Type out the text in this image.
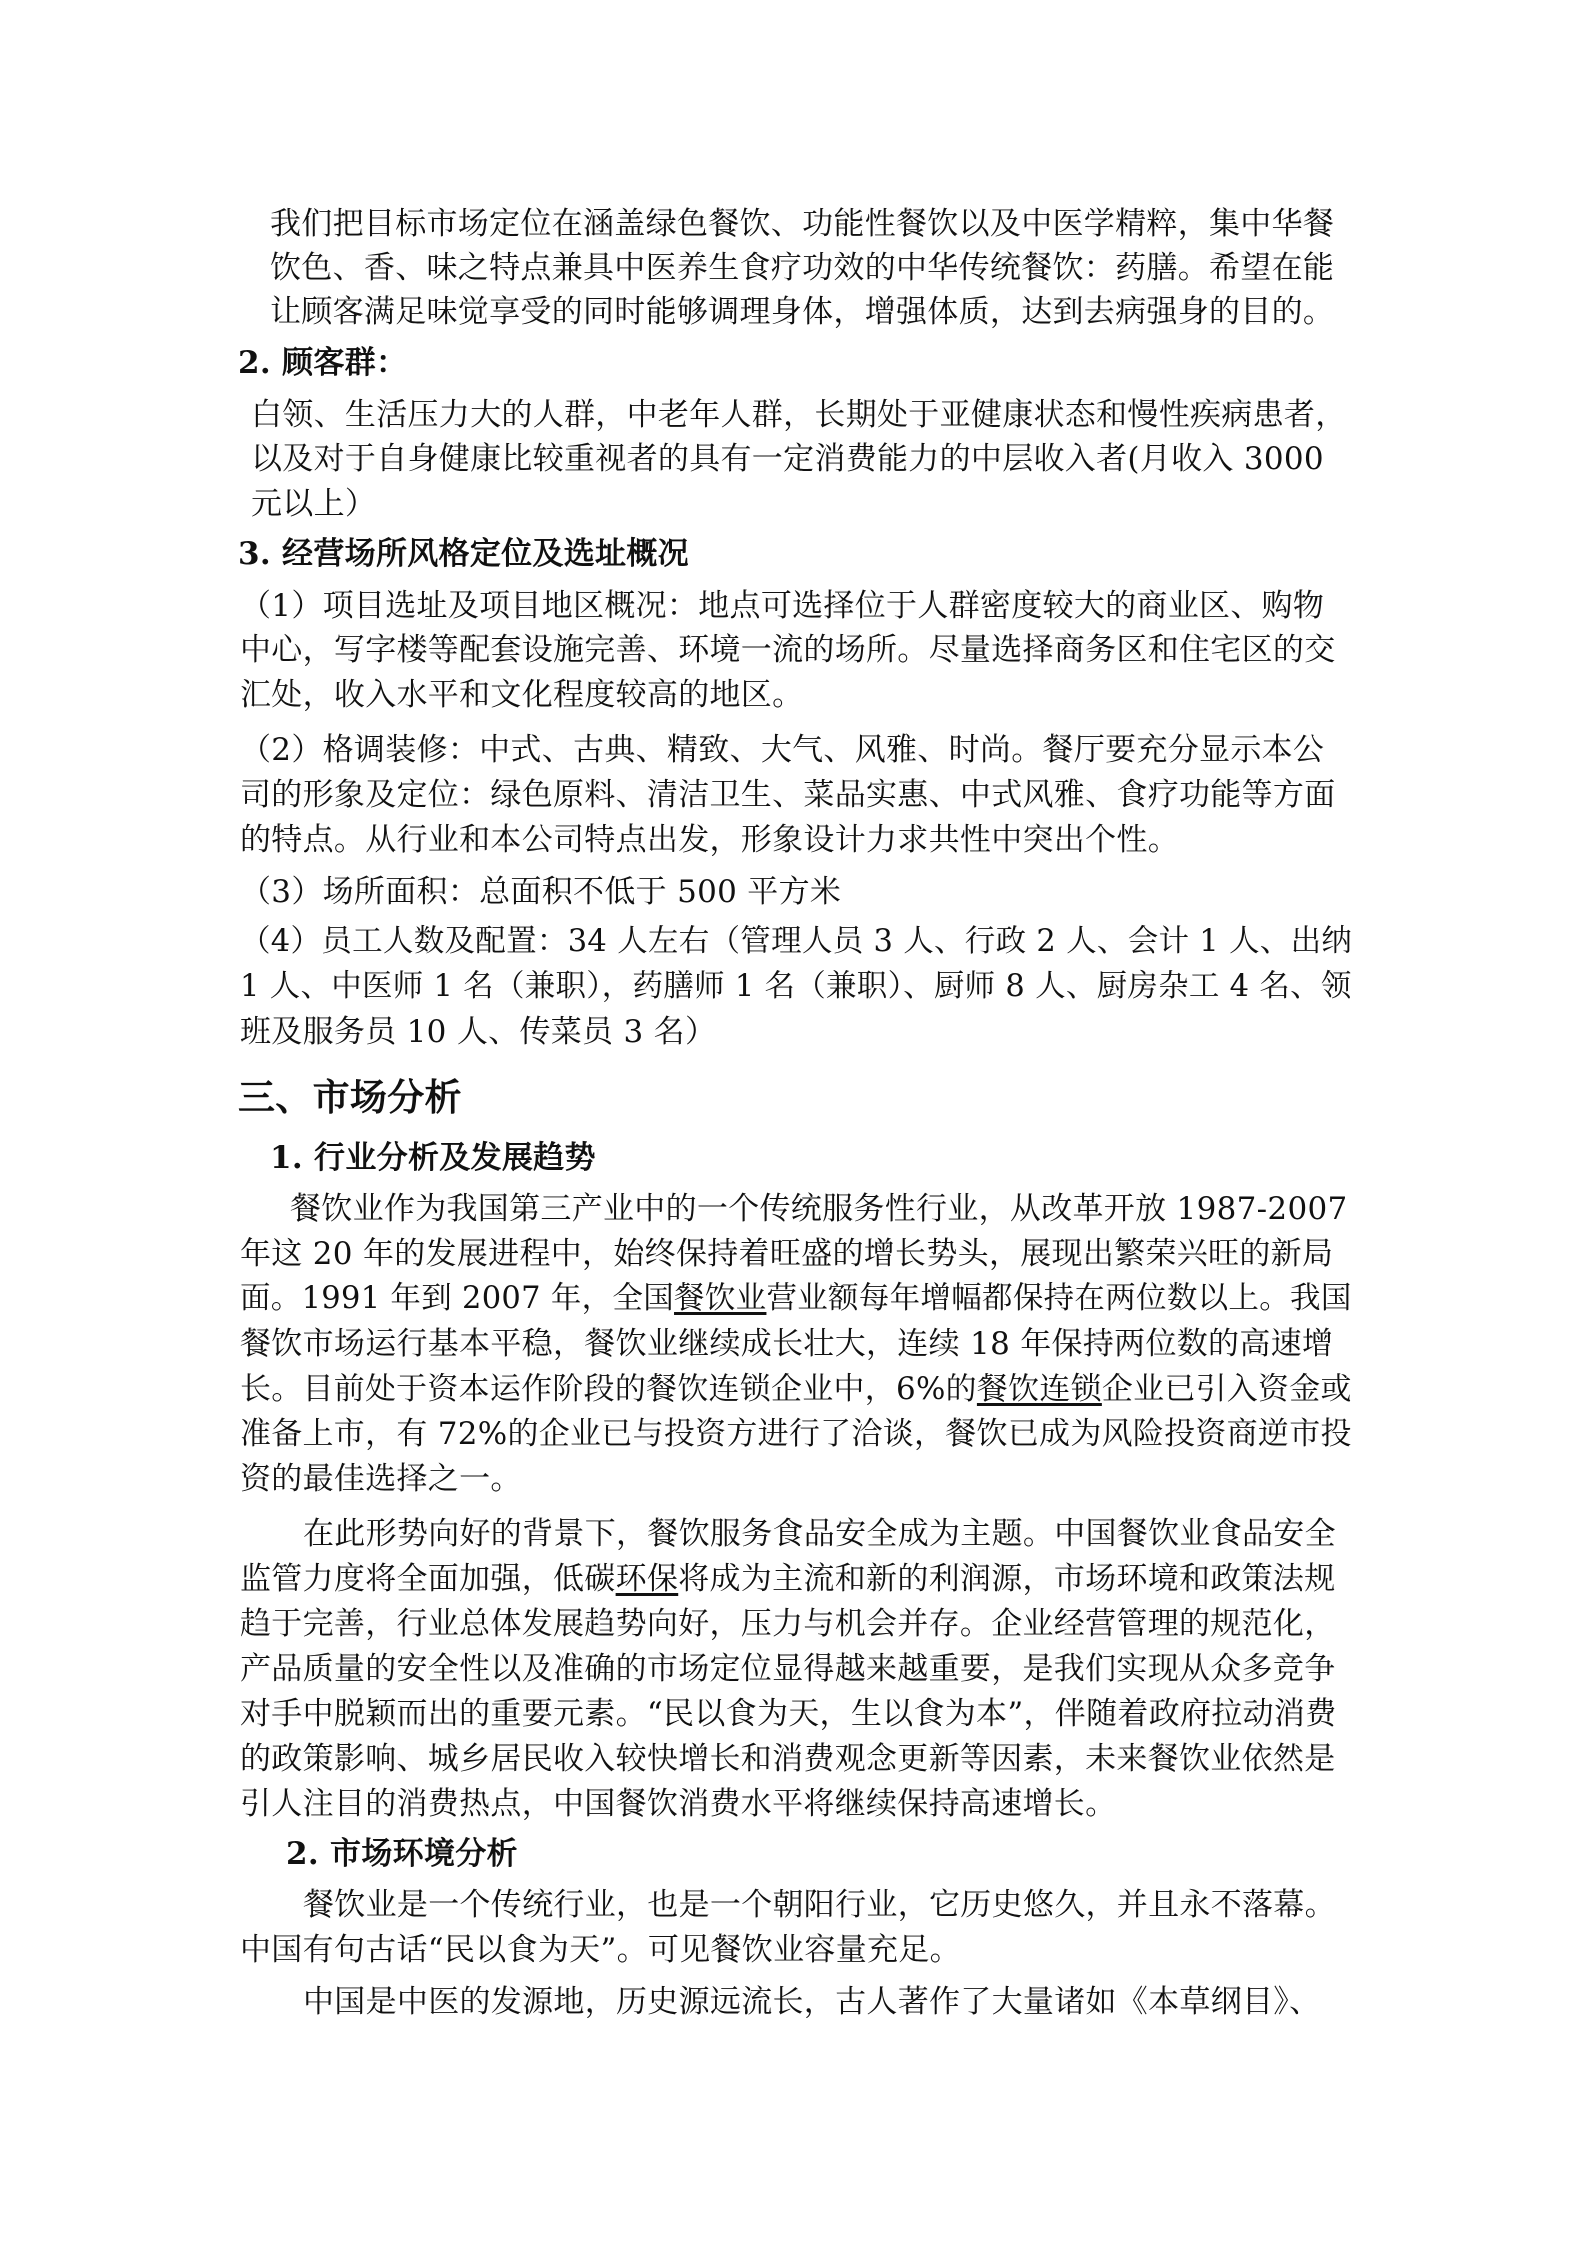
我们把目标市场定位在涵盖绿色餐饮、功能性餐饮以及中医学精粹，集中华餐

饮色、香、味之特点兼具中医养生食疗功效的中华传统餐饮：药膳。希望在能

让顾客满足味觉享受的同时能够调理身体，增强体质，达到去病强身的目的。

2. 顾客群：

白领、生活压力大的人群，中老年人群，长期处于亚健康状态和慢性疾病患者，

以及对于自身健康比较重视者的具有一定消费能力的中层收入者(月收入 3000

元以上）

3. 经营场所风格定位及选址概况

（1）项目选址及项目地区概况：地点可选择位于人群密度较大的商业区、购物

中心，写字楼等配套设施完善、环境一流的场所。尽量选择商务区和住宅区的交

汇处，收入水平和文化程度较高的地区。

（2）格调装修：中式、古典、精致、大气、风雅、时尚。餐厅要充分显示本公

司的形象及定位：绿色原料、清洁卫生、菜品实惠、中式风雅、食疗功能等方面

的特点。从行业和本公司特点出发，形象设计力求共性中突出个性。

（3）场所面积：总面积不低于 500 平方米

（4）员工人数及配置：34 人左右（管理人员 3 人、行政 2 人、会计 1 人、出纳

1 人、中医师 1 名（兼职），药膳师 1 名（兼职）、厨师 8 人、厨房杂工 4 名、领

班及服务员 10 人、传菜员 3 名）

三、市场分析

1. 行业分析及发展趋势

餐饮业作为我国第三产业中的一个传统服务性行业，从改革开放 1987-2007

年这 20 年的发展进程中，始终保持着旺盛的增长势头，展现出繁荣兴旺的新局

面。1991 年到 2007 年，全国餐饮业营业额每年增幅都保持在两位数以上。我国

餐饮市场运行基本平稳，餐饮业继续成长壮大，连续 18 年保持两位数的高速增

长。目前处于资本运作阶段的餐饮连锁企业中，6%的餐饮连锁企业已引入资金或

准备上市，有 72%的企业已与投资方进行了洽谈，餐饮已成为风险投资商逆市投

资的最佳选择之一。

在此形势向好的背景下，餐饮服务食品安全成为主题。中国餐饮业食品安全

监管力度将全面加强，低碳环保将成为主流和新的利润源，市场环境和政策法规

趋于完善，行业总体发展趋势向好，压力与机会并存。企业经营管理的规范化，

产品质量的安全性以及准确的市场定位显得越来越重要，是我们实现从众多竞争

对手中脱颖而出的重要元素。“民以食为天，生以食为本”，伴随着政府拉动消费

的政策影响、城乡居民收入较快增长和消费观念更新等因素，未来餐饮业依然是

引人注目的消费热点，中国餐饮消费水平将继续保持高速增长。

2. 市场环境分析

餐饮业是一个传统行业，也是一个朝阳行业，它历史悠久，并且永不落幕。

中国有句古话“民以食为天”。可见餐饮业容量充足。

中国是中医的发源地，历史源远流长，古人著作了大量诸如《本草纲目》、
